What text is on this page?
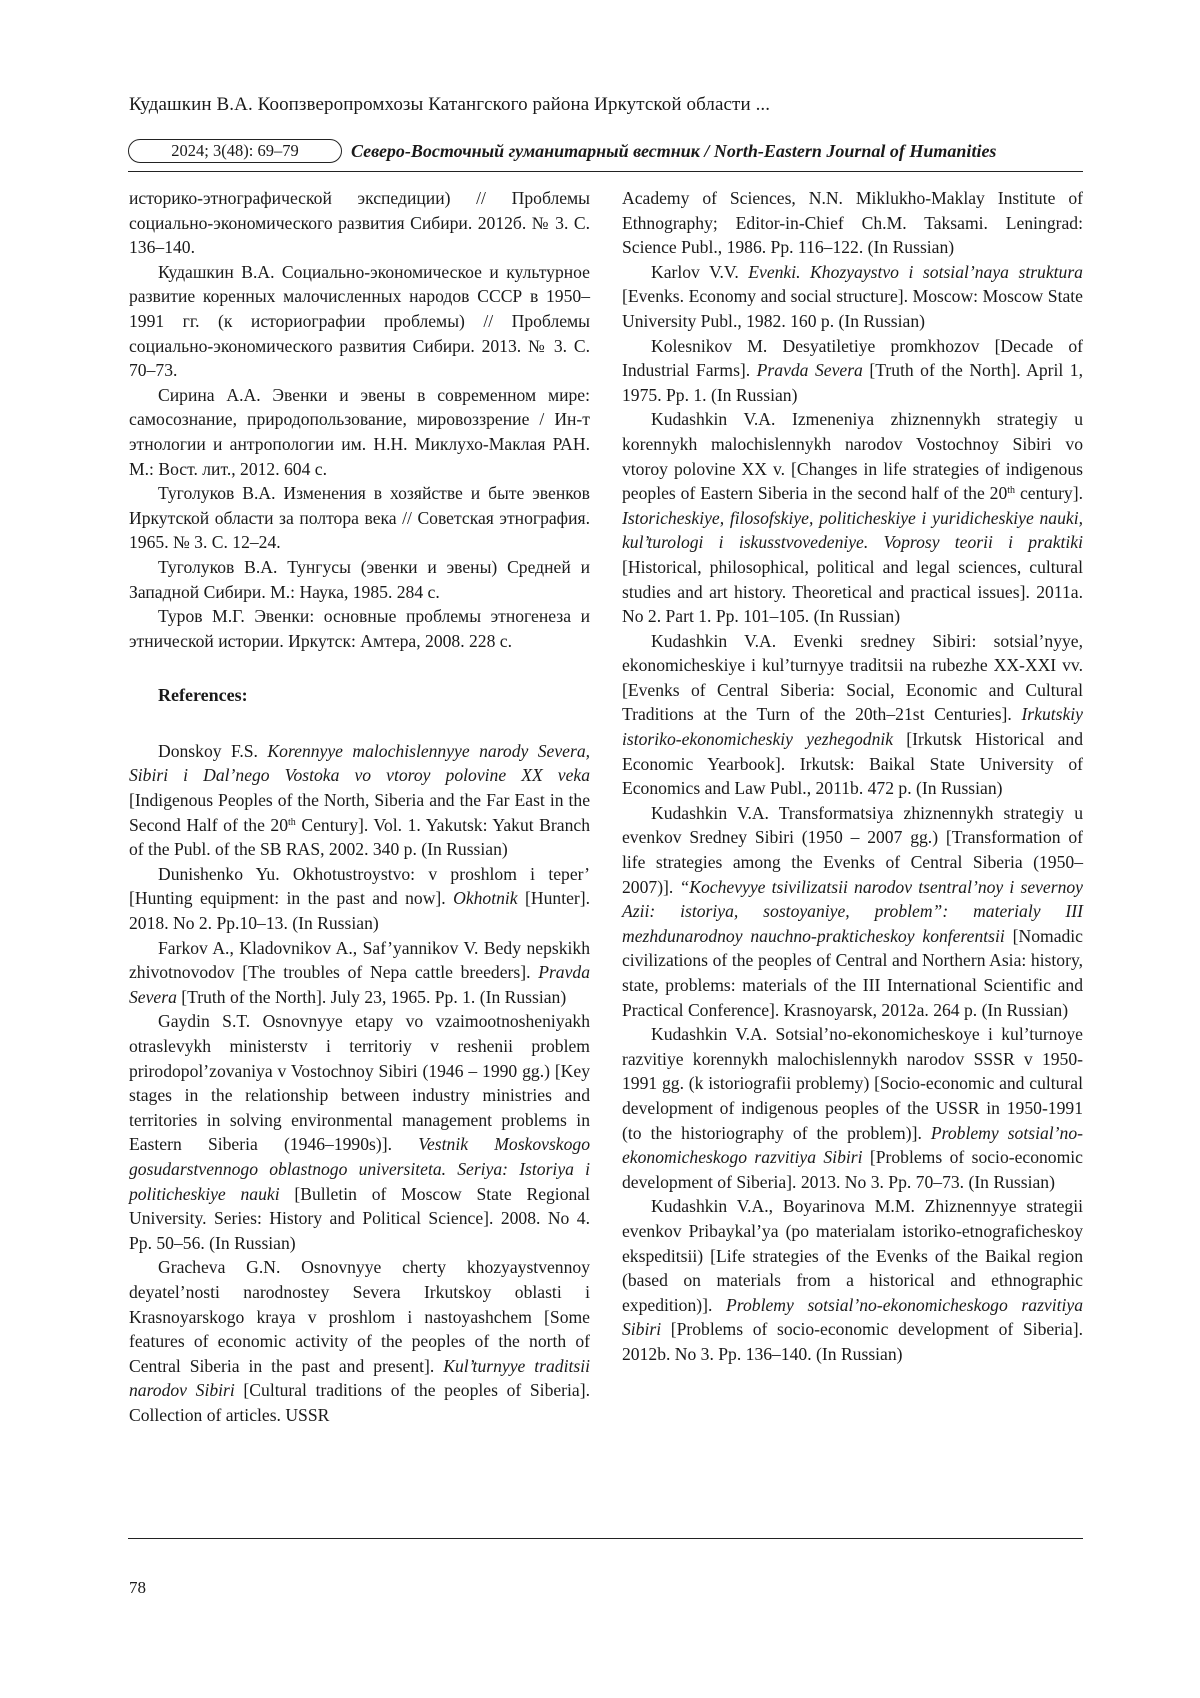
Кудашкин В.А. Коопзверопромхозы Катангского района Иркутской области ...
2024; 3(48): 69–79	Северо-Восточный гуманитарный вестник / North-Eastern Journal of Humanities

историко-этнографической экспедиции) // Проблемы социально-экономического развития Сибири. 2012б. № 3. С. 136–140.

Кудашкин В.А. Социально-экономическое и культурное развитие коренных малочисленных народов СССР в 1950–1991 гг. (к историографии проблемы) // Проблемы социально-экономического развития Сибири. 2013. № 3. С. 70–73.

Сирина А.А. Эвенки и эвены в современном мире: самосознание, природопользование, мировоззрение / Ин-т этнологии и антропологии им. Н.Н. Миклухо-Маклая РАН. М.: Вост. лит., 2012. 604 с.

Туголуков В.А. Изменения в хозяйстве и быте эвенков Иркутской области за полтора века // Советская этнография. 1965. № 3. С. 12–24.

Туголуков В.А. Тунгусы (эвенки и эвены) Средней и Западной Сибири. М.: Наука, 1985. 284 с.

Туров М.Г. Эвенки: основные проблемы этногенеза и этнической истории. Иркутск: Амтера, 2008. 228 с.

References:

Donskoy F.S. Korennyye malochislennyye narody Severa, Sibiri i Dal’nego Vostoka vo vtoroy polovine XX veka [Indigenous Peoples of the North, Siberia and the Far East in the Second Half of the 20th Century]. Vol. 1. Yakutsk: Yakut Branch of the Publ. of the SB RAS, 2002. 340 p. (In Russian)

Dunishenko Yu. Okhotustroystvo: v proshlom i teper’ [Hunting equipment: in the past and now]. Okhotnik [Hunter]. 2018. No 2. Pp.10–13. (In Russian)

Farkov A., Kladovnikov A., Saf’yannikov V. Bedy nepskikh zhivotnovodov [The troubles of Nepa cattle breeders]. Pravda Severa [Truth of the North]. July 23, 1965. Pp. 1. (In Russian)

Gaydin S.T. Osnovnyye etapy vo vzaimootnosheniyakh otraslevykh ministerstv i territoriy v reshenii problem prirodopol’zovaniya v Vostochnoy Sibiri (1946 – 1990 gg.) [Key stages in the relationship between industry ministries and territories in solving environmental management problems in Eastern Siberia (1946–1990s)]. Vestnik Moskovskogo gosudarstvennogo oblastnogo universiteta. Seriya: Istoriya i politicheskiye nauki [Bulletin of Moscow State Regional University. Series: History and Political Science]. 2008. No 4. Pp. 50–56. (In Russian)

Gracheva G.N. Osnovnyye cherty khozyaystvennoy deyatel’nosti narodnostey Severa Irkutskoy oblasti i Krasnoyarskogo kraya v proshlom i nastoyashchem [Some features of economic activity of the peoples of the north of Central Siberia in the past and present]. Kul’turnyye traditsii narodov Sibiri [Cultural traditions of the peoples of Siberia]. Collection of articles. USSR

Academy of Sciences, N.N. Miklukho-Maklay Institute of Ethnography; Editor-in-Chief Ch.M. Taksami. Leningrad: Science Publ., 1986. Pp. 116–122. (In Russian)

Karlov V.V. Evenki. Khozyaystvo i sotsial’naya struktura [Evenks. Economy and social structure]. Moscow: Moscow State University Publ., 1982. 160 p. (In Russian)

Kolesnikov M. Desyatiletiye promkhozov [Decade of Industrial Farms]. Pravda Severa [Truth of the North]. April 1, 1975. Pp. 1. (In Russian)

Kudashkin V.A. Izmeneniya zhiznennykh strategiy u korennykh malochislennykh narodov Vostochnoy Sibiri vo vtoroy polovine XX v. [Changes in life strategies of indigenous peoples of Eastern Siberia in the second half of the 20th century]. Istoricheskiye, filosofskiye, politicheskiye i yuridicheskiye nauki, kul’turologi i iskusstvovedeniye. Voprosy teorii i praktiki [Historical, philosophical, political and legal sciences, cultural studies and art history. Theoretical and practical issues]. 2011a. No 2. Part 1. Pp. 101–105. (In Russian)

Kudashkin V.A. Evenki sredney Sibiri: sotsial’nyye, ekonomicheskiye i kul’turnyye traditsii na rubezhe XX-XXI vv. [Evenks of Central Siberia: Social, Economic and Cultural Traditions at the Turn of the 20th–21st Centuries]. Irkutskiy istoriko-ekonomicheskiy yezhegodnik [Irkutsk Historical and Economic Yearbook]. Irkutsk: Baikal State University of Economics and Law Publ., 2011b. 472 p. (In Russian)

Kudashkin V.A. Transformatsiya zhiznennykh strategiy u evenkov Sredney Sibiri (1950 – 2007 gg.) [Transformation of life strategies among the Evenks of Central Siberia (1950–2007)]. “Kochevyye tsivilizatsii narodov tsentral’noy i severnoy Azii: istoriya, sostoyaniye, problem”: materialy III mezhdunarodnoy nauchno-prakticheskoy konferentsii [Nomadic civilizations of the peoples of Central and Northern Asia: history, state, problems: materials of the III International Scientific and Practical Conference]. Krasnoyarsk, 2012a. 264 p. (In Russian)

Kudashkin V.A. Sotsial’no-ekonomicheskoye i kul’turnoye razvitiye korennykh malochislennykh narodov SSSR v 1950-1991 gg. (k istoriografii problemy) [Socio-economic and cultural development of indigenous peoples of the USSR in 1950-1991 (to the historiography of the problem)]. Problemy sotsial’no-ekonomicheskogo razvitiya Sibiri [Problems of socio-economic development of Siberia]. 2013. No 3. Pp. 70–73. (In Russian)

Kudashkin V.A., Boyarinova M.M. Zhiznennyye strategii evenkov Pribaykal’ya (po materialam istoriko-etnograficheskoy ekspeditsii) [Life strategies of the Evenks of the Baikal region (based on materials from a historical and ethnographic expedition)]. Problemy sotsial’no-ekonomicheskogo razvitiya Sibiri [Problems of socio-economic development of Siberia]. 2012b. No 3. Pp. 136–140. (In Russian)

78
